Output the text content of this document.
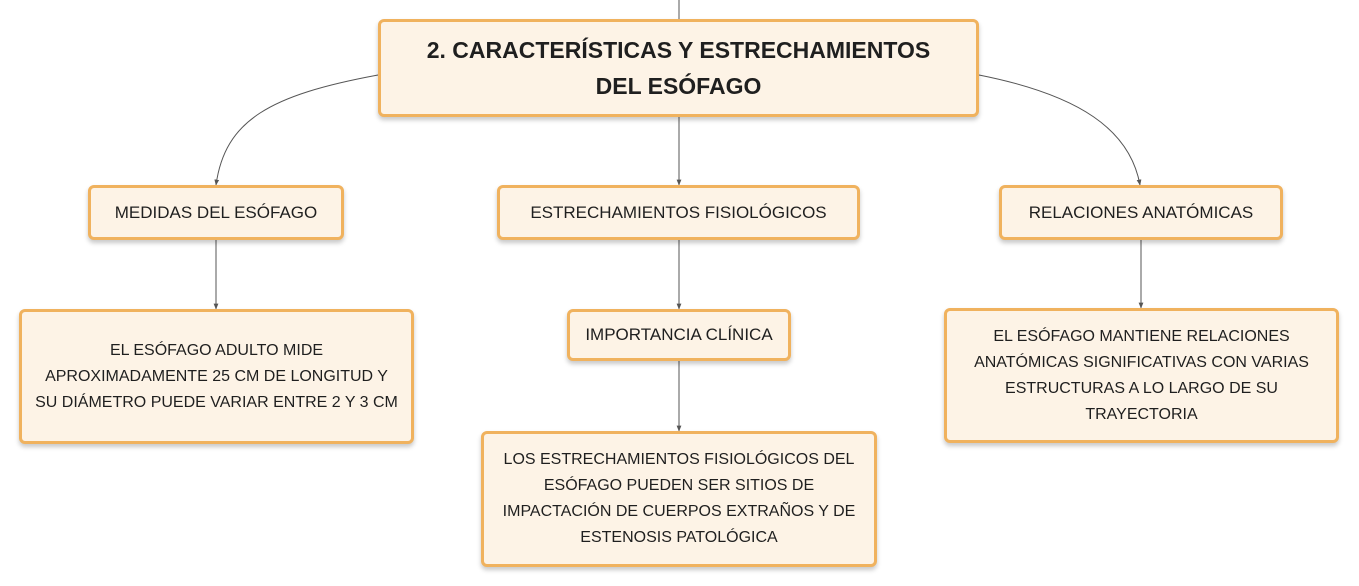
2. CARACTERÍSTICAS Y ESTRECHAMIENTOS DEL ESÓFAGO
MEDIDAS DEL ESÓFAGO	ESTRECHAMIENTOS FISIOLÓGICOS	RELACIONES ANATÓMICAS
IMPORTANCIA CLÍNICA
EL ESÓFAGO ADULTO MIDE APROXIMADAMENTE 25 CM DE LONGITUD Y SU DIÁMETRO PUEDE VARIAR ENTRE 2 Y 3 CM
EL ESÓFAGO MANTIENE RELACIONES ANATÓMICAS SIGNIFICATIVAS CON VARIAS ESTRUCTURAS A LO LARGO DE SU TRAYECTORIA
LOS ESTRECHAMIENTOS FISIOLÓGICOS DEL ESÓFAGO PUEDEN SER SITIOS DE IMPACTACIÓN DE CUERPOS EXTRAÑOS Y DE ESTENOSIS PATOLÓGICA
